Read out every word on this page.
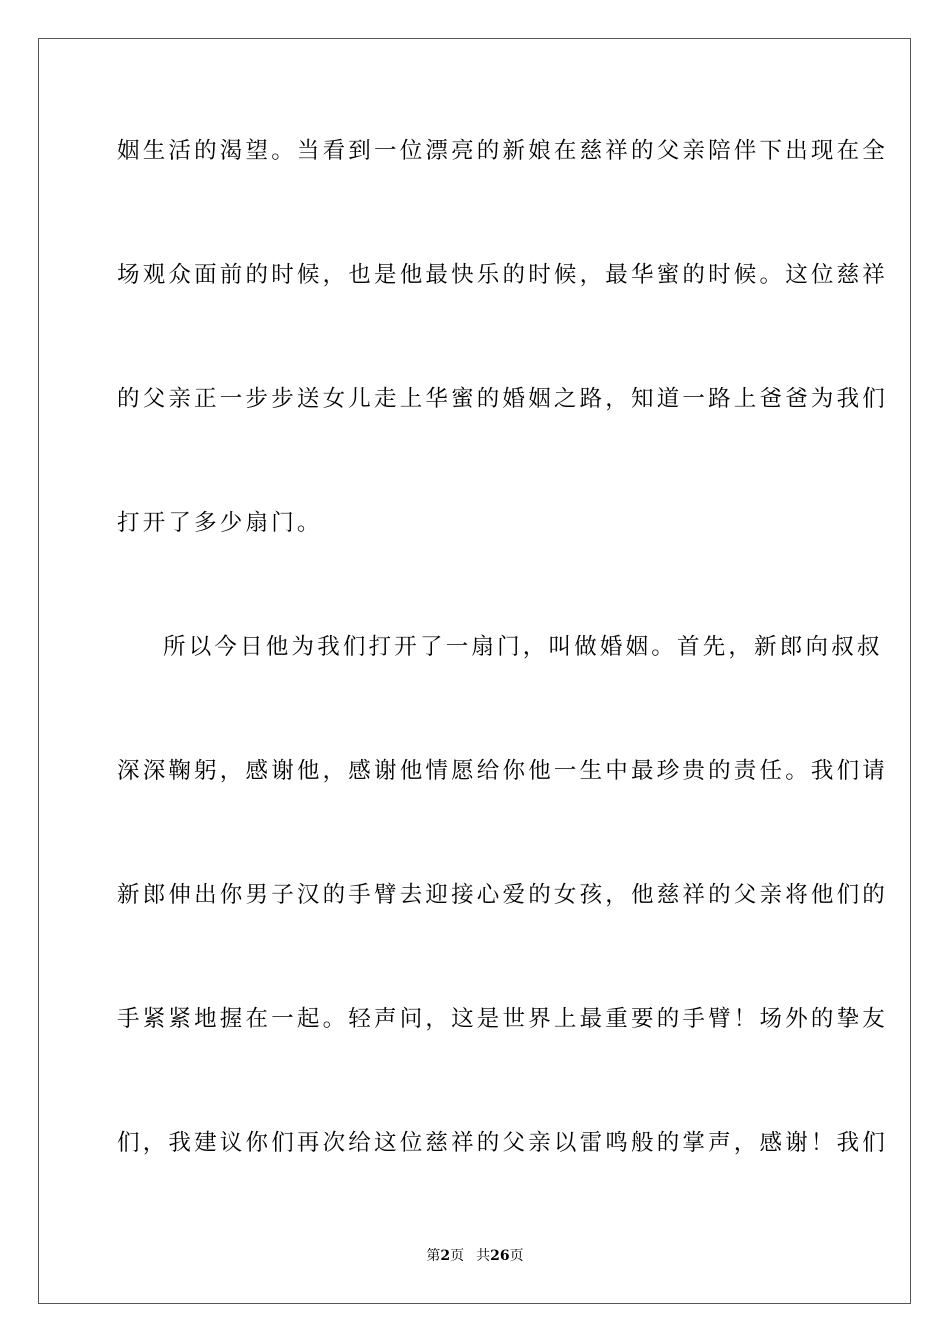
姻生活的渴望。当看到一位漂亮的新娘在慈祥的父亲陪伴下出现在全
场观众面前的时候，也是他最快乐的时候，最华蜜的时候。这位慈祥
的父亲正一步步送女儿走上华蜜的婚姻之路，知道一路上爸爸为我们
打开了多少扇门。
所以今日他为我们打开了一扇门，叫做婚姻。首先，新郎向叔叔
深深鞠躬，感谢他，感谢他情愿给你他一生中最珍贵的责任。我们请
新郎伸出你男子汉的手臂去迎接心爱的女孩，他慈祥的父亲将他们的
手紧紧地握在一起。轻声问，这是世界上最重要的手臂！场外的挚友
们，我建议你们再次给这位慈祥的父亲以雷鸣般的掌声，感谢！我们
第2页 共26页
